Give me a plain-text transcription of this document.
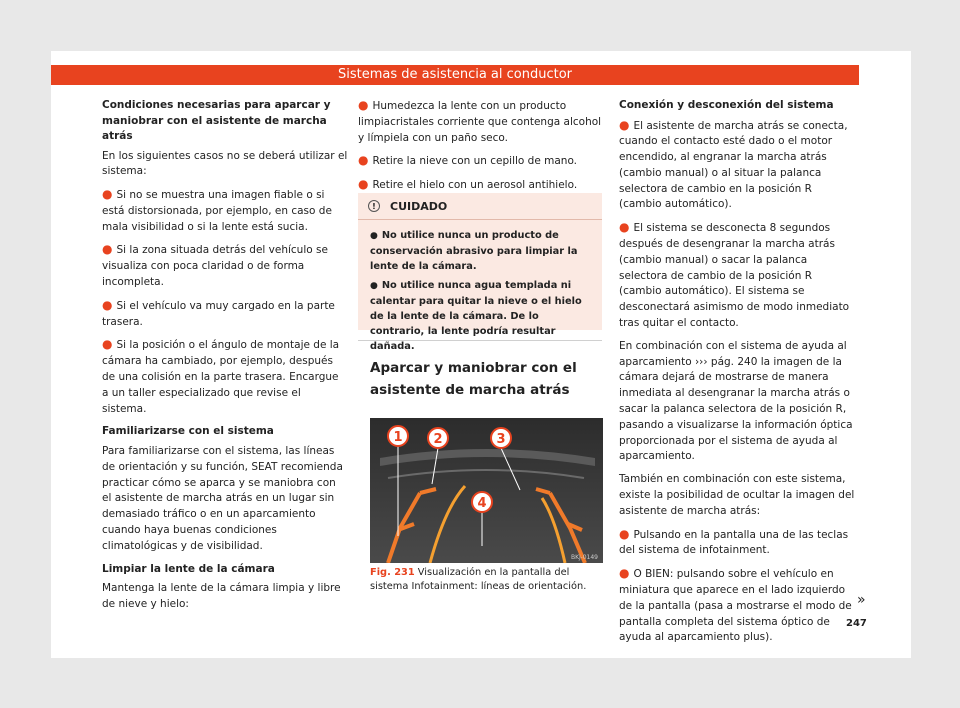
Sistemas de asistencia al conductor
Condiciones necesarias para aparcar y maniobrar con el asistente de marcha atrás

En los siguientes casos no se deberá utilizar el sistema:

● Si no se muestra una imagen fiable o si está distorsionada, por ejemplo, en caso de mala visibilidad o si la lente está sucia.

● Si la zona situada detrás del vehículo se visualiza con poca claridad o de forma incompleta.

● Si el vehículo va muy cargado en la parte trasera.

● Si la posición o el ángulo de montaje de la cámara ha cambiado, por ejemplo, después de una colisión en la parte trasera. Encargue a un taller especializado que revise el sistema.

Familiarizarse con el sistema

Para familiarizarse con el sistema, las líneas de orientación y su función, SEAT recomienda practicar cómo se aparca y se maniobra con el asistente de marcha atrás en un lugar sin demasiado tráfico o en un aparcamiento cuando haya buenas condiciones climatológicas y de visibilidad.

Limpiar la lente de la cámara

Mantenga la lente de la cámara limpia y libre de nieve y hielo:

● Humedezca la lente con un producto limpiacristales corriente que contenga alcohol y límpiela con un paño seco.

● Retire la nieve con un cepillo de mano.

● Retire el hielo con un aerosol antihielo.

!	CUIDADO

● No utilice nunca un producto de conservación abrasivo para limpiar la lente de la cámara.

● No utilice nunca agua templada ni calentar para quitar la nieve o el hielo de la lente de la cámara. De lo contrario, la lente podría resultar dañada.

Aparcar y maniobrar con el asistente de marcha atrás
1 2	3
4
BKJ-0149
Fig. 231 Visualización en la pantalla del sistema Infotainment: líneas de orientación.
Conexión y desconexión del sistema

● El asistente de marcha atrás se conecta, cuando el contacto esté dado o el motor encendido, al engranar la marcha atrás (cambio manual) o al situar la palanca selectora de cambio en la posición R (cambio automático).

● El sistema se desconecta 8 segundos después de desengranar la marcha atrás (cambio manual) o sacar la palanca selectora de cambio de la posición R (cambio automático). El sistema se desconectará asimismo de modo inmediato tras quitar el contacto.

En combinación con el sistema de ayuda al aparcamiento ››› pág. 240 la imagen de la cámara dejará de mostrarse de manera inmediata al desengranar la marcha atrás o sacar la palanca selectora de la posición R, pasando a visualizarse la información óptica proporcionada por el sistema de ayuda al aparcamiento.

También en combinación con este sistema, existe la posibilidad de ocultar la imagen del asistente de marcha atrás:

● Pulsando en la pantalla una de las teclas del sistema de infotainment.

● O BIEN: pulsando sobre el vehículo en miniatura que aparece en el lado izquierdo de la pantalla (pasa a mostrarse el modo de pantalla completa del sistema óptico de ayuda al aparcamiento plus).

»
247
